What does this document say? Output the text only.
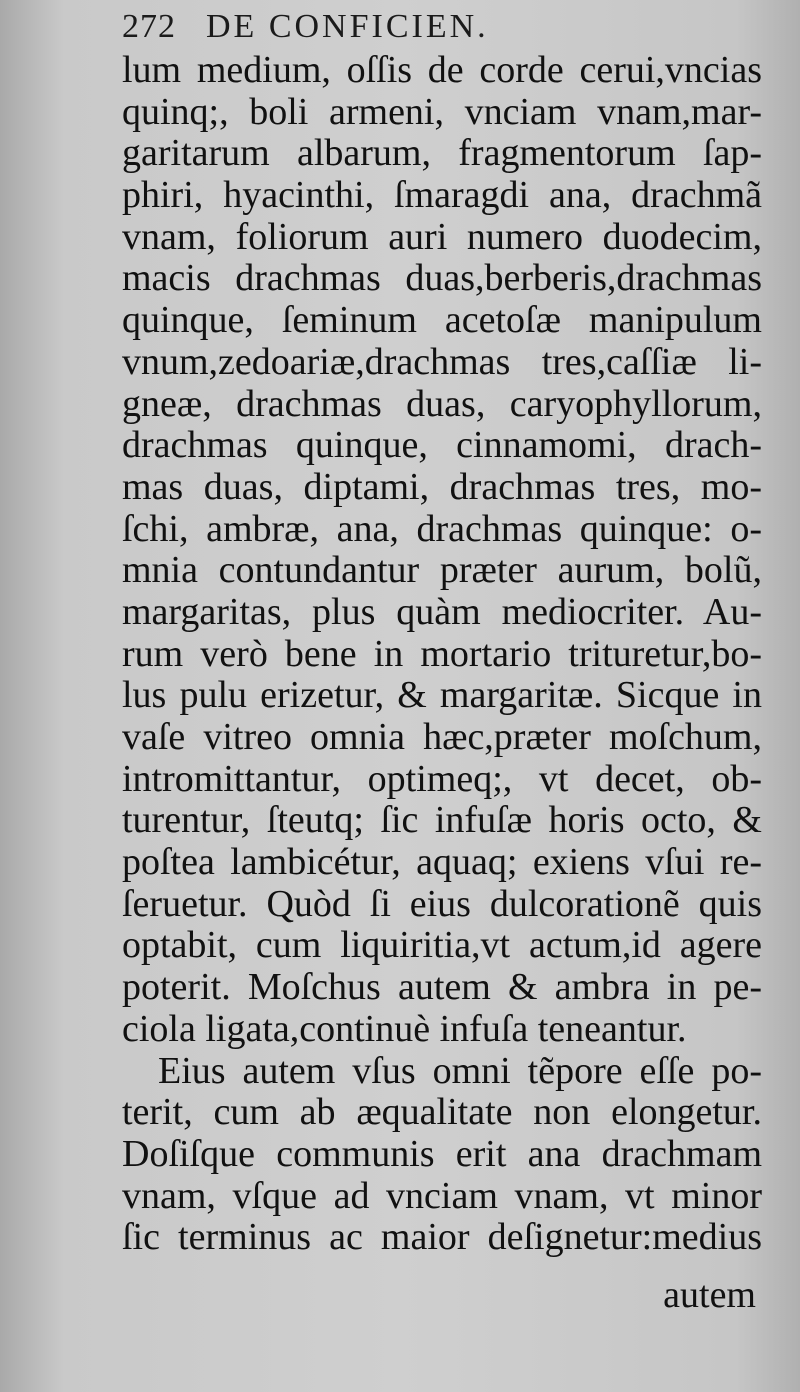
272 DE CONFICIEN.
lum medium, oſſis de corde cerui,vncias
quinq;, boli armeni, vnciam vnam,mar-
garitarum albarum, fragmentorum ſap-
phiri, hyacinthi, ſmaragdi ana, drachmã
vnam, foliorum auri numero duodecim,
macis drachmas duas,berberis,drachmas
quinque, ſeminum acetoſæ manipulum
vnum,zedoariæ,drachmas tres,caſſiæ li-
gneæ, drachmas duas, caryophyllorum,
drachmas quinque, cinnamomi, drach-
mas duas, diptami, drachmas tres, mo-
ſchi, ambræ, ana, drachmas quinque: o-
mnia contundantur præter aurum, bolũ,
margaritas, plus quàm mediocriter. Au-
rum verò bene in mortario trituretur,bo-
lus pulu erizetur, & margaritæ. Sicque in
vaſe vitreo omnia hæc,præter moſchum,
intromittantur, optimeq;, vt decet, ob-
turentur, ſteutq; ſic infuſæ horis octo, &
poſtea lambicétur, aquaq; exiens vſui re-
ſeruetur. Quòd ſi eius dulcorationẽ quis
optabit, cum liquiritia,vt actum,id agere
poterit. Moſchus autem & ambra in pe-
ciola ligata,continuè infuſa teneantur.
Eius autem vſus omni tẽpore eſſe po-
terit, cum ab æqualitate non elongetur.
Doſiſque communis erit ana drachmam
vnam, vſque ad vnciam vnam, vt minor
ſic terminus ac maior deſignetur:medius
autem
